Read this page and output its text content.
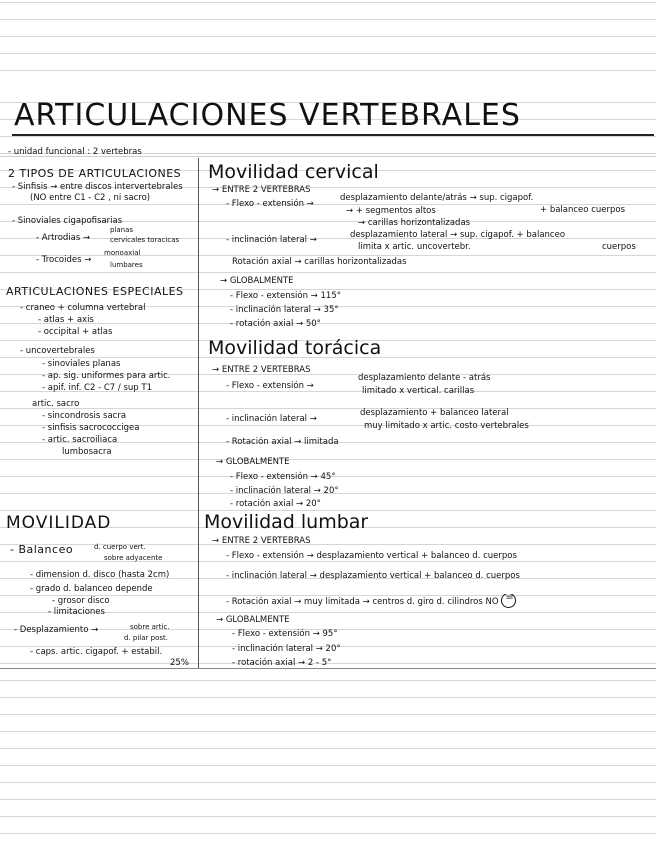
ARTICULACIONES VERTEBRALES
- unidad funcional : 2 vertebras
2 TIPOS DE ARTICULACIONES
- Sinfisis → entre discos intervertebrales
(NO entre C1 - C2 , ni sacro)
- Sinoviales cigapofisarias
- Artrodias →
planas
cervicales toracicas
- Trocoides →
monoaxial
lumbares
ARTICULACIONES ESPECIALES
- craneo + columna vertebral
- atlas + axis
- occipital + atlas
- uncovertebrales
- sinoviales planas
- ap. sig. uniformes para artic.
- apif. inf. C2 - C7 / sup T1
artic. sacro
- sincondrosis sacra
- sinfisis sacrococcigea
- artic. sacroiliaca
lumbosacra
MOVILIDAD
- Balanceo	d. cuerpo vert.
sobre adyacente
- dimension d. disco (hasta 2cm)
- grado d. balanceo depende
- grosor disco
- limitaciones
- Desplazamiento →	sobre artic.
d. pilar post.
- caps. artic. cigapof. + estabil.
25%
Movilidad cervical
→ ENTRE 2 VERTEBRAS
- Flexo - extensión →
desplazamiento delante/atrás → sup. cigapof.
+ balanceo cuerpos
→ + segmentos altos
→ carillas horizontalizadas
- inclinación lateral →	desplazamiento lateral → sup. cigapof. + balanceo
limita x artic. uncovertebr.	cuerpos
Rotación axial → carillas horizontalizadas
→ GLOBALMENTE
- Flexo - extensión → 115°
- inclinación lateral → 35°
- rotación axial → 50°
Movilidad torácica
→ ENTRE 2 VERTEBRAS
- Flexo - extensión →
desplazamiento delante - atrás
limitado x vertical. carillas
- inclinación lateral →
desplazamiento + balanceo lateral
muy limitado x artic. costo vertebrales
- Rotación axial → limitada
→ GLOBALMENTE
- Flexo - extensión → 45°
- inclinación lateral → 20°
- rotación axial → 20°
Movilidad lumbar
→ ENTRE 2 VERTEBRAS
- Flexo - extensión → desplazamiento vertical + balanceo d. cuerpos
- inclinación lateral → desplazamiento vertical + balanceo d. cuerpos
- Rotación axial → muy limitada → centros d. giro d. cilindros NO =
→ GLOBALMENTE
- Flexo - extensión → 95°
- inclinación lateral → 20°
- rotación axial → 2 - 5°
